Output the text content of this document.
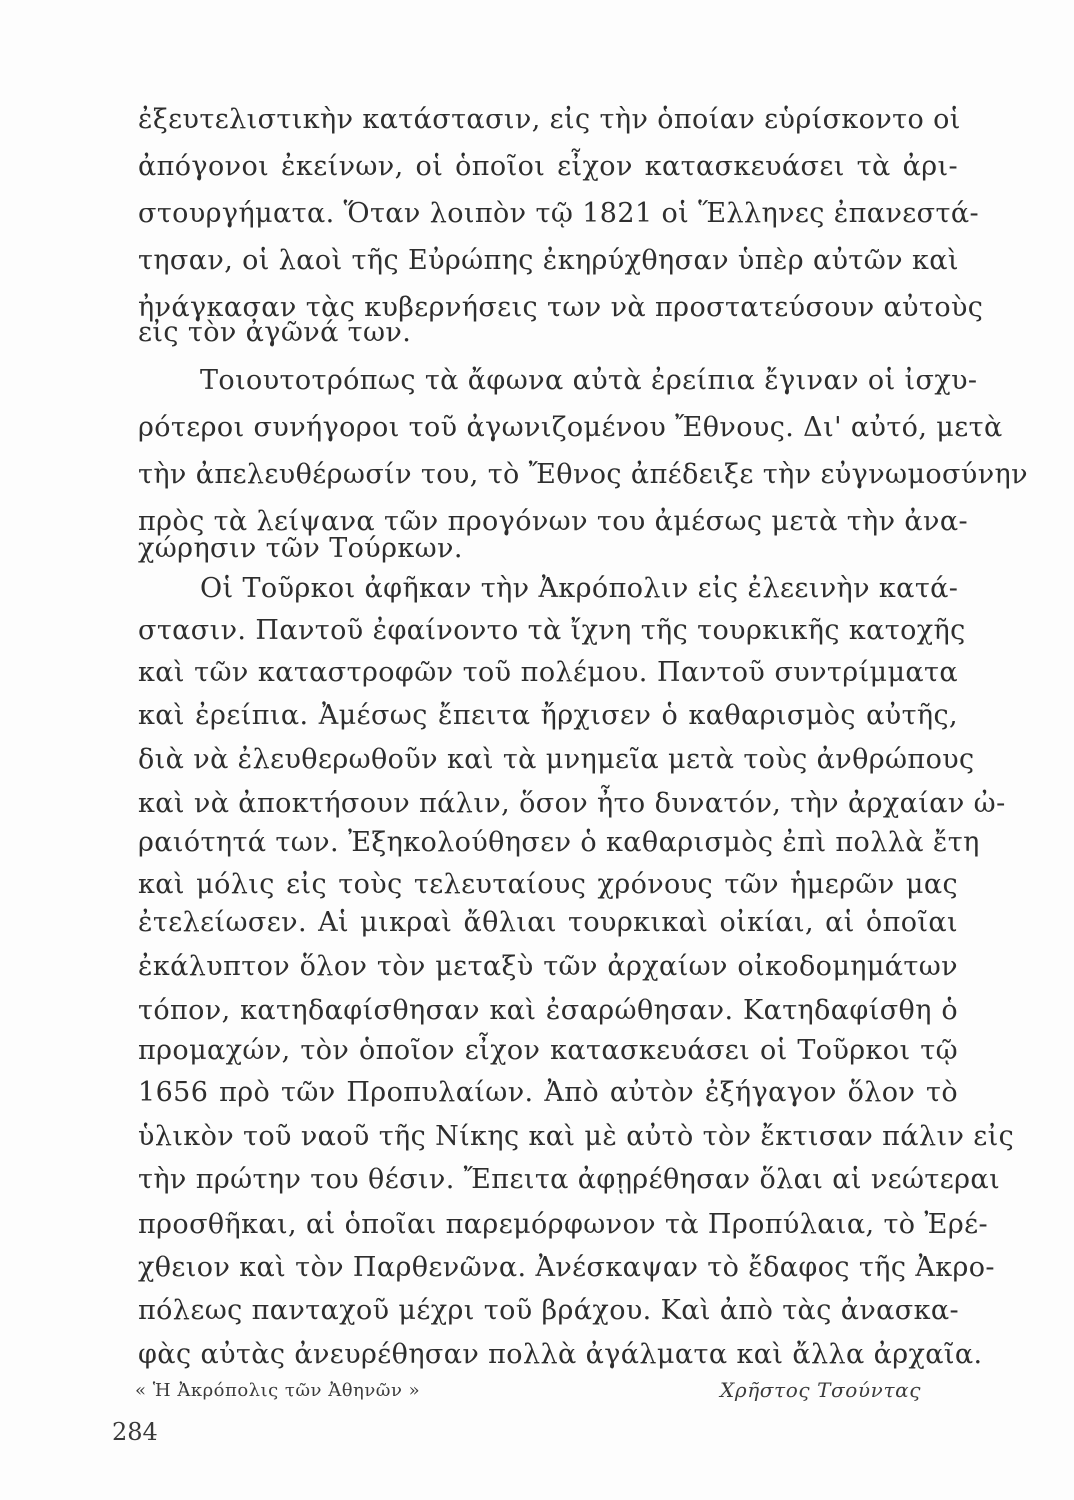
ἐξευτελιστικὴν κατάστασιν, εἰς τὴν ὁποίαν εὑρίσκοντο οἱ
ἀπόγονοι ἐκείνων, οἱ ὁποῖοι εἶχον κατασκευάσει τὰ ἀρι-
στουργήματα. Ὅταν λοιπὸν τῷ 1821 οἱ Ἕλληνες ἐπανεστά-
τησαν, οἱ λαοὶ τῆς Εὐρώπης ἐκηρύχθησαν ὑπὲρ αὐτῶν καὶ
ἠνάγκασαν τὰς κυβερνήσεις των νὰ προστατεύσουν αὐτοὺς
εἰς τὸν ἀγῶνά των.
Τοιουτοτρόπως τὰ ἄφωνα αὐτὰ ἐρείπια ἔγιναν οἱ ἰσχυ-
ρότεροι συνήγοροι τοῦ ἀγωνιζομένου Ἔθνους. Δι' αὐτό, μετὰ
τὴν ἀπελευθέρωσίν του, τὸ Ἔθνος ἀπέδειξε τὴν εὐγνωμοσύνην
πρὸς τὰ λείψανα τῶν προγόνων του ἀμέσως μετὰ τὴν ἀνα-
χώρησιν τῶν Τούρκων.
Οἱ Τοῦρκοι ἀφῆκαν τὴν Ἀκρόπολιν εἰς ἐλεεινὴν κατά-
στασιν. Παντοῦ ἐφαίνοντο τὰ ἴχνη τῆς τουρκικῆς κατοχῆς
καὶ τῶν καταστροφῶν τοῦ πολέμου. Παντοῦ συντρίμματα
καὶ ἐρείπια. Ἀμέσως ἔπειτα ἤρχισεν ὁ καθαρισμὸς αὐτῆς,
διὰ νὰ ἐλευθερωθοῦν καὶ τὰ μνημεῖα μετὰ τοὺς ἀνθρώπους
καὶ νὰ ἀποκτήσουν πάλιν, ὅσον ἦτο δυνατόν, τὴν ἀρχαίαν ὠ-
ραιότητά των. Ἐξηκολούθησεν ὁ καθαρισμὸς ἐπὶ πολλὰ ἔτη
καὶ μόλις εἰς τοὺς τελευταίους χρόνους τῶν ἡμερῶν μας
ἐτελείωσεν. Αἱ μικραὶ ἄθλιαι τουρκικαὶ οἰκίαι, αἱ ὁποῖαι
ἐκάλυπτον ὅλον τὸν μεταξὺ τῶν ἀρχαίων οἰκοδομημάτων
τόπον, κατηδαφίσθησαν καὶ ἐσαρώθησαν. Κατηδαφίσθη ὁ
προμαχών, τὸν ὁποῖον εἶχον κατασκευάσει οἱ Τοῦρκοι τῷ
1656 πρὸ τῶν Προπυλαίων. Ἀπὸ αὐτὸν ἐξήγαγον ὅλον τὸ
ὑλικὸν τοῦ ναοῦ τῆς Νίκης καὶ μὲ αὐτὸ τὸν ἔκτισαν πάλιν εἰς
τὴν πρώτην του θέσιν. Ἔπειτα ἀφῃρέθησαν ὅλαι αἱ νεώτεραι
προσθῆκαι, αἱ ὁποῖαι παρεμόρφωνον τὰ Προπύλαια, τὸ Ἐρέ-
χθειον καὶ τὸν Παρθενῶνα. Ἀνέσκαψαν τὸ ἔδαφος τῆς Ἀκρο-
πόλεως πανταχοῦ μέχρι τοῦ βράχου. Καὶ ἀπὸ τὰς ἀνασκα-
φὰς αὐτὰς ἀνευρέθησαν πολλὰ ἀγάλματα καὶ ἄλλα ἀρχαῖα.
« Ἡ Ἀκρόπολις τῶν Ἀθηνῶν »	Χρῆστος Τσούντας
284
